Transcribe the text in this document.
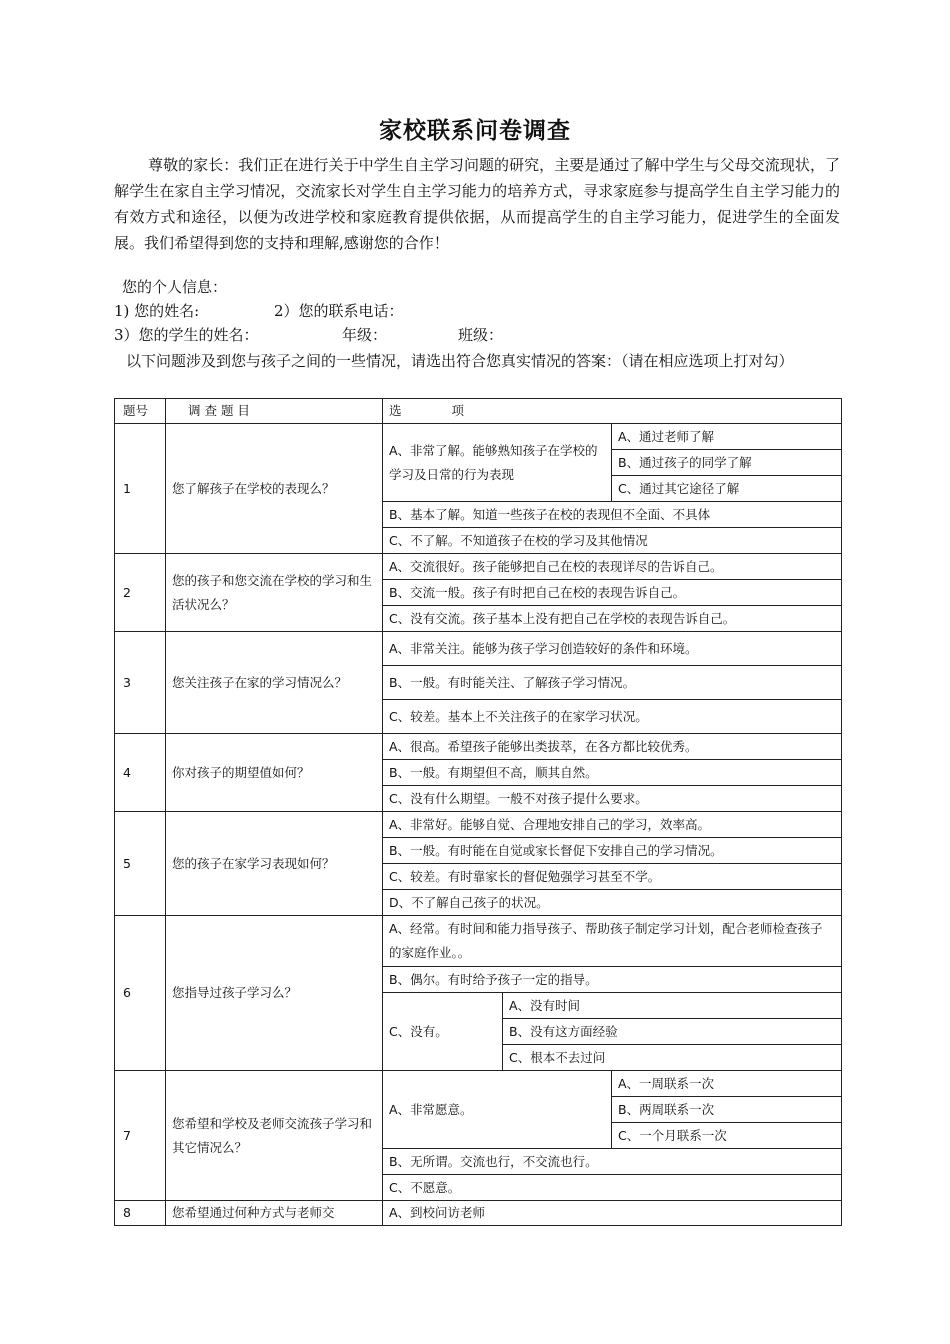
家校联系问卷调查
尊敬的家长：我们正在进行关于中学生自主学习问题的研究，主要是通过了解中学生与父母交流现状，了解学生在家自主学习情况，交流家长对学生自主学习能力的培养方式，寻求家庭参与提高学生自主学习能力的有效方式和途径，以便为改进学校和家庭教育提供依据，从而提高学生的自主学习能力，促进学生的全面发展。我们希望得到您的支持和理解,感谢您的合作！
您的个人信息：
1) 您的姓名:	2）您的联系电话：
3）您的学生的姓名：	年级：	班级：
以下问题涉及到您与孩子之间的一些情况，请选出符合您真实情况的答案：（请在相应选项上打对勾）
题号	调 查 题 目	选　　　　项		
1	您了解孩子在学校的表现么？	A、非常了解。能够熟知孩子在学校的学习及日常的行为表现		A、通过老师了解
				B、通过孩子的同学了解
				C、通过其它途径了解
		B、基本了解。知道一些孩子在校的表现但不全面、不具体		
		C、不了解。不知道孩子在校的学习及其他情况		
2	您的孩子和您交流在学校的学习和生活状况么？	A、交流很好。孩子能够把自己在校的表现详尽的告诉自己。		
		B、交流一般。孩子有时把自己在校的表现告诉自己。		
		C、没有交流。孩子基本上没有把自己在学校的表现告诉自己。		
3	您关注孩子在家的学习情况么？	A、非常关注。能够为孩子学习创造较好的条件和环境。		
		B、一般。有时能关注、了解孩子学习情况。		
		C、较差。基本上不关注孩子的在家学习状况。		
4	你对孩子的期望值如何？	A、很高。希望孩子能够出类拔萃，在各方都比较优秀。		
		B、一般。有期望但不高，顺其自然。		
		C、没有什么期望。一般不对孩子提什么要求。		
5	您的孩子在家学习表现如何？	A、非常好。能够自觉、合理地安排自己的学习，效率高。		
		B、一般。有时能在自觉或家长督促下安排自己的学习情况。		
		C、较差。有时靠家长的督促勉强学习甚至不学。		
		D、不了解自己孩子的状况。		
6	您指导过孩子学习么？	A、经常。有时间和能力指导孩子、帮助孩子制定学习计划，配合老师检查孩子的家庭作业。。		
		B、偶尔。有时给予孩子一定的指导。		
		C、没有。	A、没有时间	
			B、没有这方面经验	
			C、根本不去过问	
7	您希望和学校及老师交流孩子学习和其它情况么？	A、非常愿意。		A、一周联系一次
				B、两周联系一次
				C、一个月联系一次
		B、无所谓。交流也行，不交流也行。		
		C、不愿意。		
8	您希望通过何种方式与老师交	A、到校问访老师		
